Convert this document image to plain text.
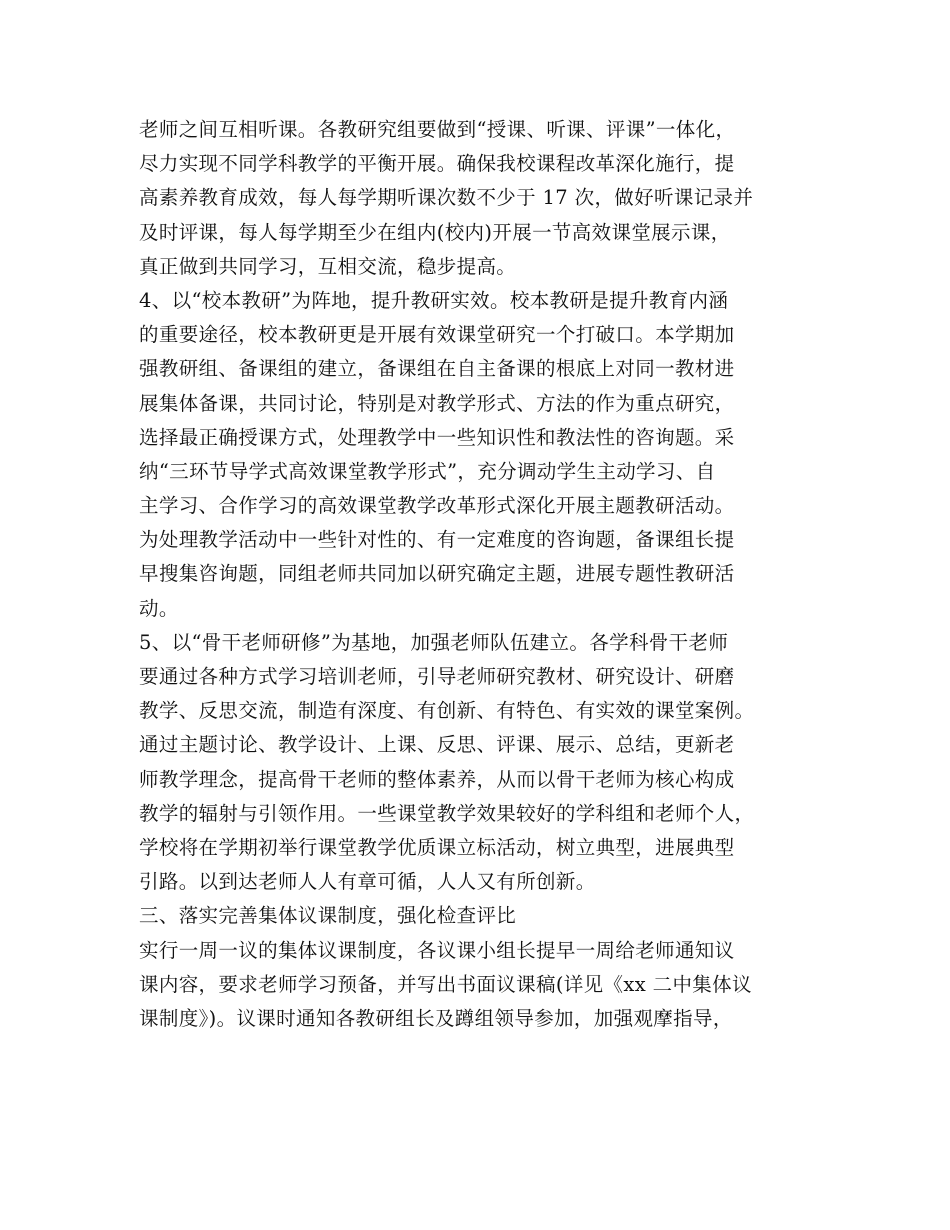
老师之间互相听课。各教研究组要做到“授课、听课、评课”一体化，
尽力实现不同学科教学的平衡开展。确保我校课程改革深化施行，提
高素养教育成效，每人每学期听课次数不少于 17 次，做好听课记录并
及时评课，每人每学期至少在组内(校内)开展一节高效课堂展示课，
真正做到共同学习，互相交流，稳步提高。
4、以“校本教研”为阵地，提升教研实效。校本教研是提升教育内涵
的重要途径，校本教研更是开展有效课堂研究一个打破口。本学期加
强教研组、备课组的建立，备课组在自主备课的根底上对同一教材进
展集体备课，共同讨论，特别是对教学形式、方法的作为重点研究，
选择最正确授课方式，处理教学中一些知识性和教法性的咨询题。采
纳“三环节导学式高效课堂教学形式”，充分调动学生主动学习、自
主学习、合作学习的高效课堂教学改革形式深化开展主题教研活动。
为处理教学活动中一些针对性的、有一定难度的咨询题，备课组长提
早搜集咨询题，同组老师共同加以研究确定主题，进展专题性教研活
动。
5、以“骨干老师研修”为基地，加强老师队伍建立。各学科骨干老师
要通过各种方式学习培训老师，引导老师研究教材、研究设计、研磨
教学、反思交流，制造有深度、有创新、有特色、有实效的课堂案例。
通过主题讨论、教学设计、上课、反思、评课、展示、总结，更新老
师教学理念，提高骨干老师的整体素养，从而以骨干老师为核心构成
教学的辐射与引领作用。一些课堂教学效果较好的学科组和老师个人，
学校将在学期初举行课堂教学优质课立标活动，树立典型，进展典型
引路。以到达老师人人有章可循，人人又有所创新。
三、落实完善集体议课制度，强化检查评比
实行一周一议的集体议课制度，各议课小组长提早一周给老师通知议
课内容，要求老师学习预备，并写出书面议课稿(详见《xx 二中集体议
课制度》)。议课时通知各教研组长及蹲组领导参加，加强观摩指导，
